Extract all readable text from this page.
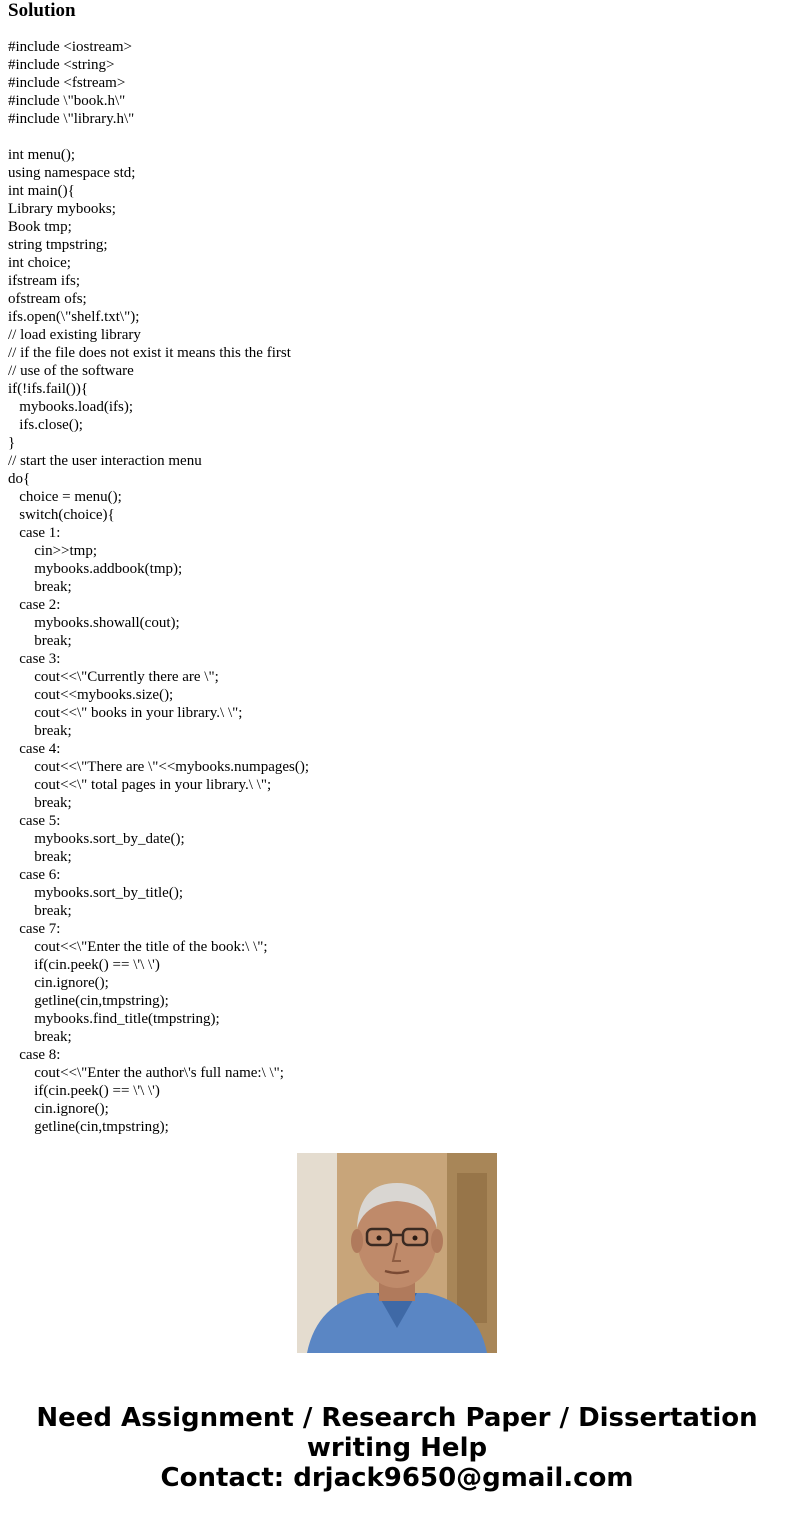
Solution
#include <iostream>
#include <string>
#include <fstream>
#include \"book.h\"
#include \"library.h\"
int menu();
using namespace std;
int main(){
Library mybooks;
Book tmp;
string tmpstring;
int choice;
ifstream ifs;
ofstream ofs;
ifs.open(\"shelf.txt\");
// load existing library
// if the file does not exist it means this the first
// use of the software
if(!ifs.fail()){
mybooks.load(ifs);
ifs.close();
}
// start the user interaction menu
do{
choice = menu();
switch(choice){
case 1:
cin>>tmp;
mybooks.addbook(tmp);
break;
case 2:
mybooks.showall(cout);
break;
case 3:
cout<<\"Currently there are \";
cout<<mybooks.size();
cout<<\" books in your library.\ \";
break;
case 4:
cout<<\"There are \"<<mybooks.numpages();
cout<<\" total pages in your library.\ \";
break;
case 5:
mybooks.sort_by_date();
break;
case 6:
mybooks.sort_by_title();
break;
case 7:
cout<<\"Enter the title of the book:\ \";
if(cin.peek() == \'\ \')
cin.ignore();
getline(cin,tmpstring);
mybooks.find_title(tmpstring);
break;
case 8:
cout<<\"Enter the author\'s full name:\ \";
if(cin.peek() == \'\ \')
cin.ignore();
getline(cin,tmpstring);
Need Assignment / Research Paper / Dissertation
writing Help
Contact: drjack9650@gmail.com
